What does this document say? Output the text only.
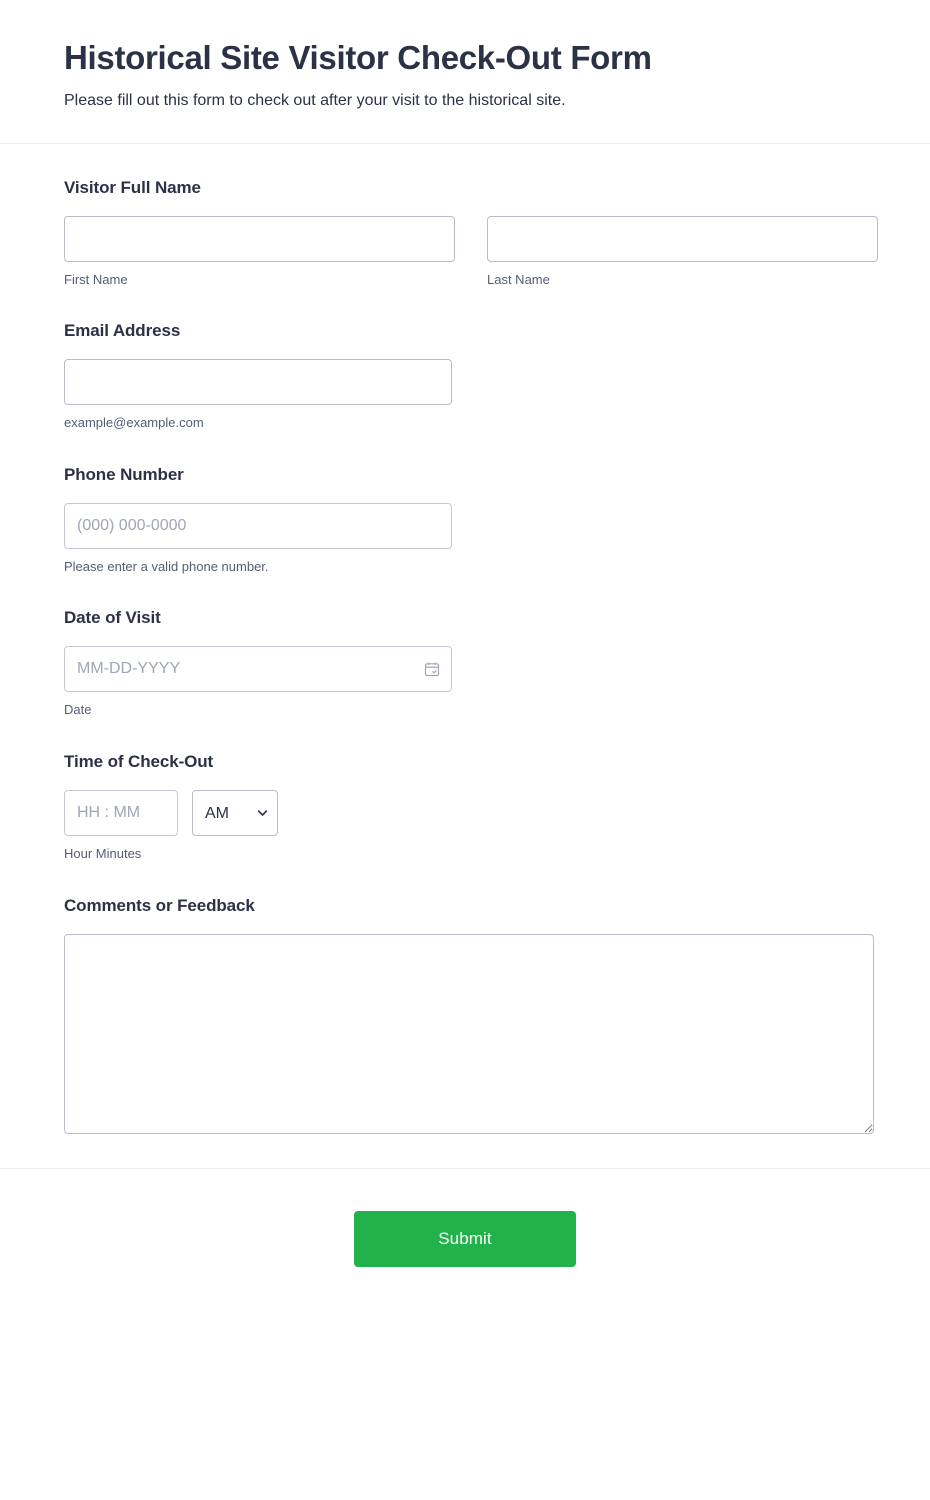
Historical Site Visitor Check-Out Form

Please fill out this form to check out after your visit to the historical site.

Visitor Full Name
First Name	Last Name
Email Address
example@example.com
Phone Number
(000) 000-0000
Please enter a valid phone number.
Date of Visit
MM-DD-YYYY
Date
Time of Check-Out
HH : MM
AM
Hour Minutes
Comments or Feedback
Submit
